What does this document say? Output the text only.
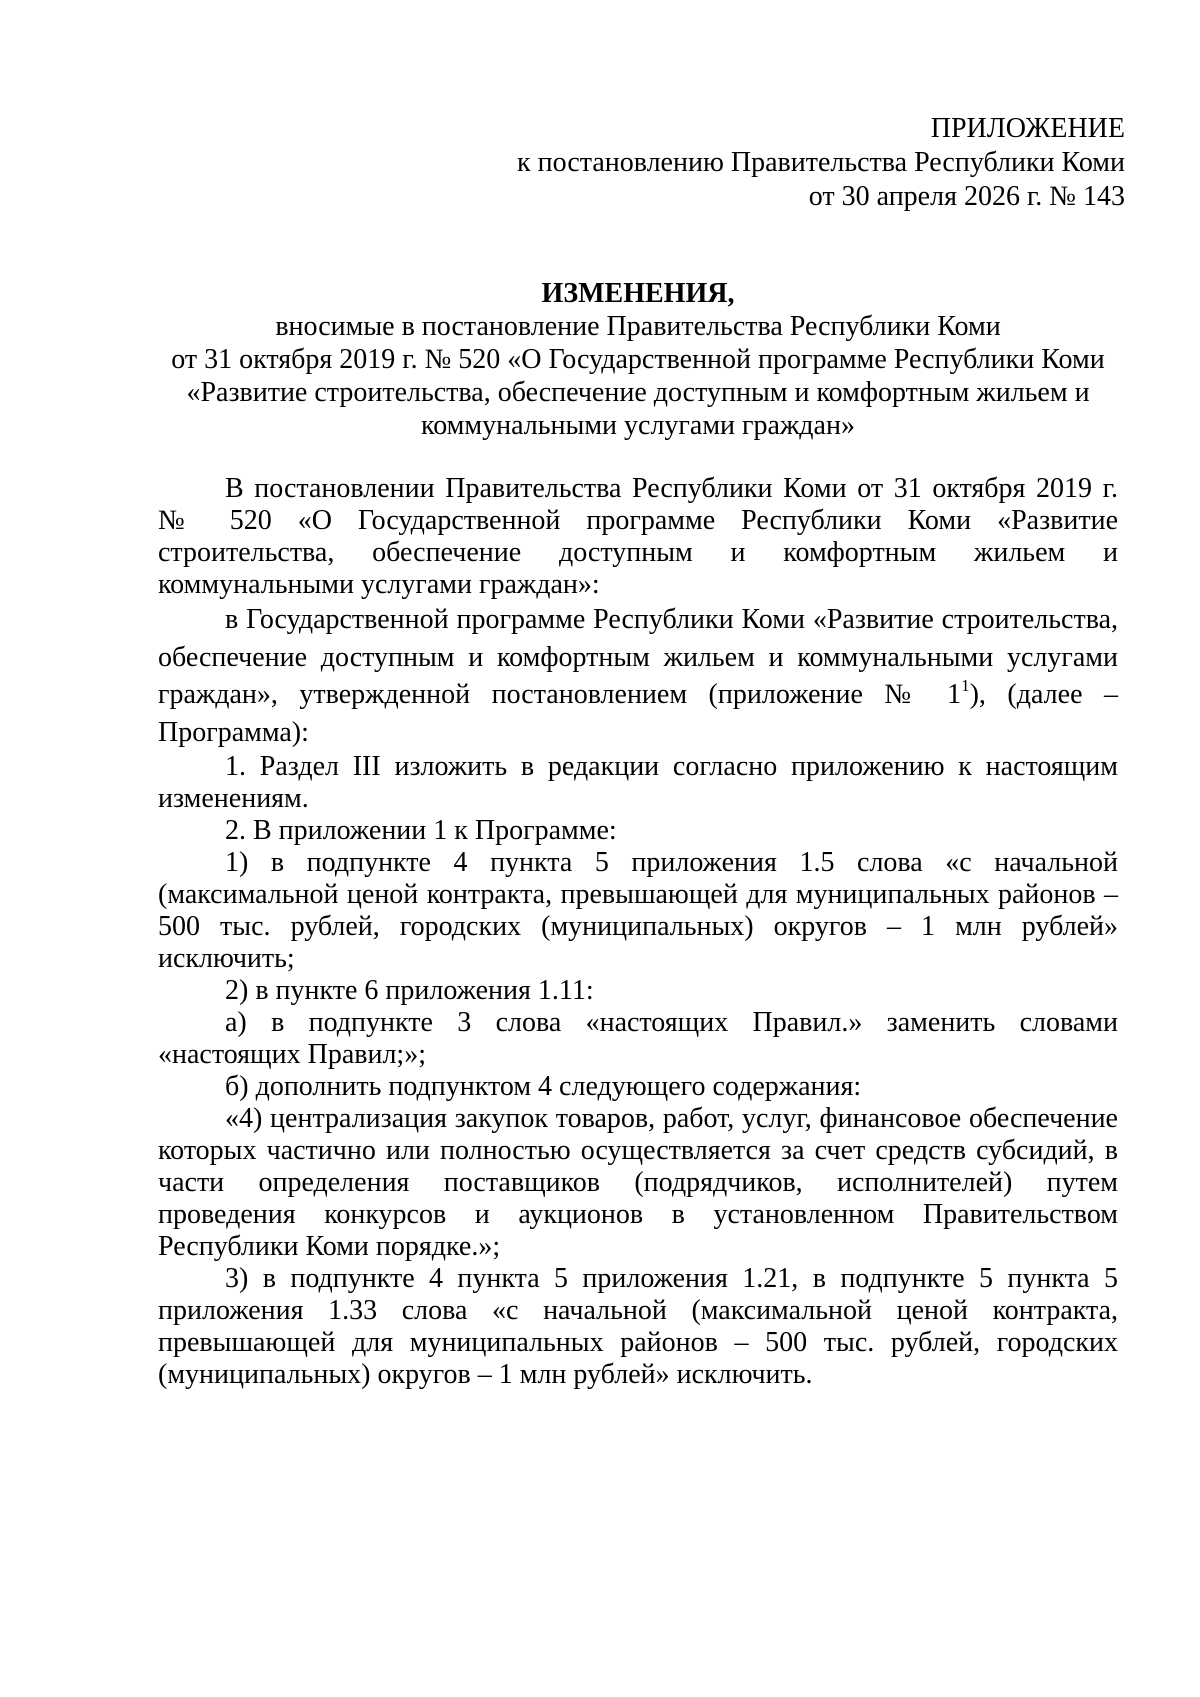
ПРИЛОЖЕНИЕ
к постановлению Правительства Республики Коми
от 30 апреля 2026 г. № 143
ИЗМЕНЕНИЯ,
вносимые в постановление Правительства Республики Коми
от 31 октября 2019 г. № 520 «О Государственной программе Республики Коми
«Развитие строительства, обеспечение доступным и комфортным жильем и
коммунальными услугами граждан»

В постановлении Правительства Республики Коми от 31 октября 2019 г. № 520 «О Государственной программе Республики Коми «Развитие строительства, обеспечение доступным и комфортным жильем и коммунальными услугами граждан»:

в Государственной программе Республики Коми «Развитие строительства, обеспечение доступным и комфортным жильем и коммунальными услугами граждан», утвержденной постановлением (приложение № $1^1$), (далее – Программа):

1. Раздел III изложить в редакции согласно приложению к настоящим изменениям.

2. В приложении 1 к Программе:

1) в подпункте 4 пункта 5 приложения 1.5 слова «с начальной (максимальной ценой контракта, превышающей для муниципальных районов – 500 тыс. рублей, городских (муниципальных) округов – 1 млн рублей» исключить;

2) в пункте 6 приложения 1.11:

а) в подпункте 3 слова «настоящих Правил.» заменить словами «настоящих Правил;»;

б) дополнить подпунктом 4 следующего содержания:

«4) централизация закупок товаров, работ, услуг, финансовое обеспечение которых частично или полностью осуществляется за счет средств субсидий, в части определения поставщиков (подрядчиков, исполнителей) путем проведения конкурсов и аукционов в установленном Правительством Республики Коми порядке.»;

3) в подпункте 4 пункта 5 приложения 1.21, в подпункте 5 пункта 5 приложения 1.33 слова «с начальной (максимальной ценой контракта, превышающей для муниципальных районов – 500 тыс. рублей, городских (муниципальных) округов – 1 млн рублей» исключить.
